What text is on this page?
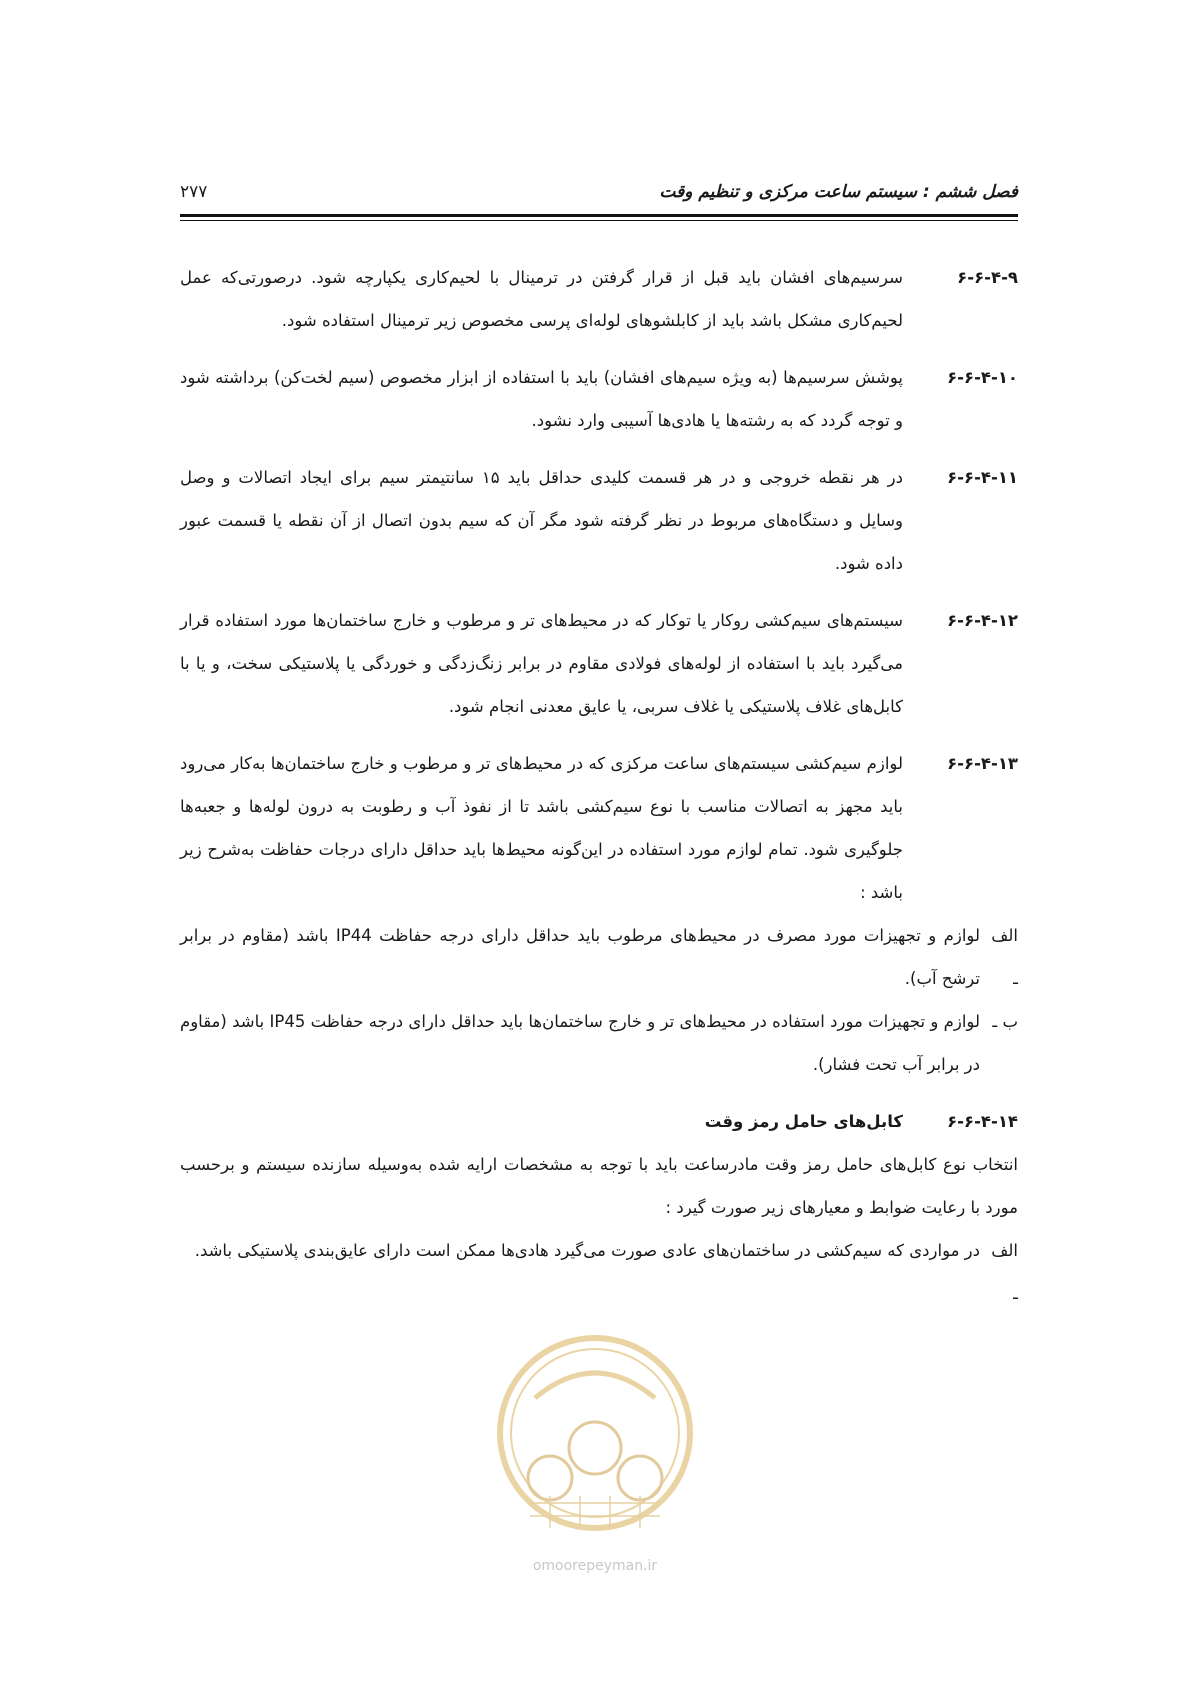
فصل ششم : سیستم ساعت مرکزی و تنظیم وقت
۲۷۷
۶-۶-۴-۹
سرسیم‌های افشان باید قبل از قرار گرفتن در ترمینال با لحیم‌کاری یکپارچه شود. درصورتی‌که عمل لحیم‌کاری مشکل باشد باید از کابلشوهای لوله‌ای پرسی مخصوص زیر ترمینال استفاده شود.
۶-۶-۴-۱۰
پوشش سرسیم‌ها (به ویژه سیم‌های افشان) باید با استفاده از ابزار مخصوص (سیم لخت‌کن) برداشته شود و توجه گردد که به رشته‌ها یا هادی‌ها آسیبی وارد نشود.
۶-۶-۴-۱۱
در هر نقطه خروجی و در هر قسمت کلیدی حداقل باید ۱۵ سانتیمتر سیم برای ایجاد اتصالات و وصل وسایل و دستگاه‌های مربوط در نظر گرفته شود مگر آن که سیم بدون اتصال از آن نقطه یا قسمت عبور داده شود.
۶-۶-۴-۱۲
سیستم‌های سیم‌کشی روکار یا توکار که در محیط‌های تر و مرطوب و خارج ساختمان‌ها مورد استفاده قرار می‌گیرد باید با استفاده از لوله‌های فولادی مقاوم در برابر زنگ‌زدگی و خوردگی یا پلاستیکی سخت، و یا با کابل‌های غلاف پلاستیکی یا غلاف سربی، یا عایق معدنی انجام شود.
۶-۶-۴-۱۳
لوازم سیم‌کشی سیستم‌های ساعت مرکزی که در محیط‌های تر و مرطوب و خارج ساختمان‌ها به‌کار می‌رود باید مجهز به اتصالات مناسب با نوع سیم‌کشی باشد تا از نفوذ آب و رطوبت به درون لوله‌ها و جعبه‌ها جلوگیری شود. تمام لوازم مورد استفاده در این‌گونه محیط‌ها باید حداقل دارای درجات حفاظت به‌شرح زیر باشد :
الف ـ
لوازم و تجهیزات مورد مصرف در محیط‌های مرطوب باید حداقل دارای درجه حفاظت IP44 باشد (مقاوم در برابر ترشح آب).
ب ـ
لوازم و تجهیزات مورد استفاده در محیط‌های تر و خارج ساختمان‌ها باید حداقل دارای درجه حفاظت IP45 باشد (مقاوم در برابر آب تحت فشار).
۶-۶-۴-۱۴
کابل‌های حامل رمز وقت
انتخاب نوع کابل‌های حامل رمز وقت مادرساعت باید با توجه به مشخصات ارایه شده به‌وسیله سازنده سیستم و برحسب مورد با رعایت ضوابط و معیارهای زیر صورت گیرد :
الف ـ
در مواردی که سیم‌کشی در ساختمان‌های عادی صورت می‌گیرد هادی‌ها ممکن است دارای عایق‌بندی پلاستیکی باشد.
omoorepeyman.ir
